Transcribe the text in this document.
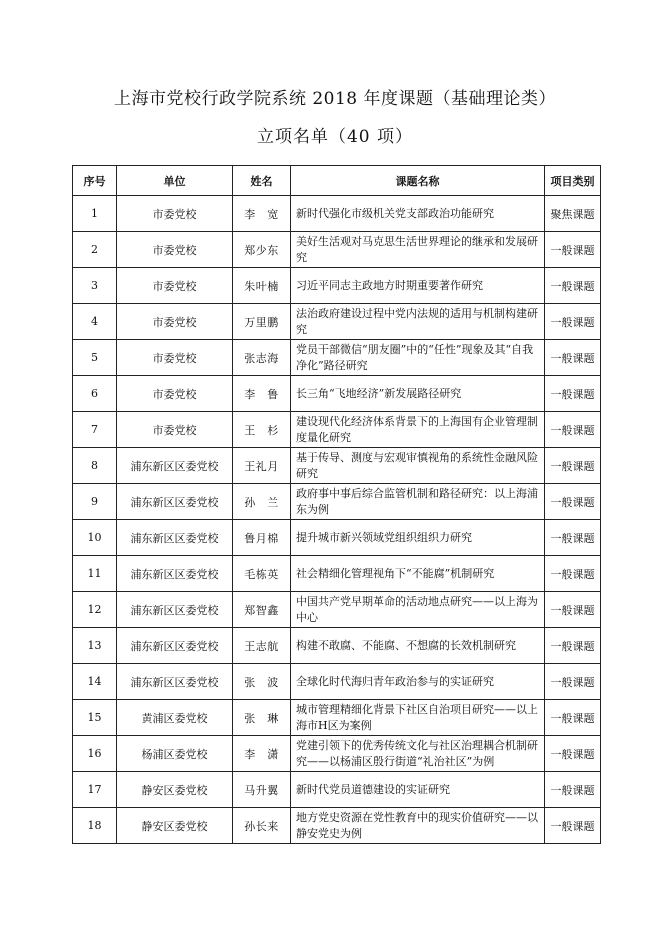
上海市党校行政学院系统 2018 年度课题（基础理论类）
立项名单（40 项）
序号	单位	姓名	课题名称	项目类别
1	市委党校	李　宽	新时代强化市级机关党支部政治功能研究	聚焦课题
2	市委党校	郑少东	美好生活观对马克思生活世界理论的继承和发展研究	一般课题
3	市委党校	朱叶楠	习近平同志主政地方时期重要著作研究	一般课题
4	市委党校	万里鹏	法治政府建设过程中党内法规的适用与机制构建研究	一般课题
5	市委党校	张志海	党员干部微信“朋友圈”中的“任性”现象及其“自我净化”路径研究	一般课题
6	市委党校	李　鲁	长三角“飞地经济”新发展路径研究	一般课题
7	市委党校	王　杉	建设现代化经济体系背景下的上海国有企业管理制度量化研究	一般课题
8	浦东新区区委党校	王礼月	基于传导、测度与宏观审慎视角的系统性金融风险研究	一般课题
9	浦东新区区委党校	孙　兰	政府事中事后综合监管机制和路径研究：以上海浦东为例	一般课题
10	浦东新区区委党校	鲁月棉	提升城市新兴领域党组织组织力研究	一般课题
11	浦东新区区委党校	毛栋英	社会精细化管理视角下“不能腐”机制研究	一般课题
12	浦东新区区委党校	郑智鑫	中国共产党早期革命的活动地点研究——以上海为中心	一般课题
13	浦东新区区委党校	王志航	构建不敢腐、不能腐、不想腐的长效机制研究	一般课题
14	浦东新区区委党校	张　波	全球化时代海归青年政治参与的实证研究	一般课题
15	黄浦区委党校	张　琳	城市管理精细化背景下社区自治项目研究——以上海市H区为案例	一般课题
16	杨浦区委党校	李　潇	党建引领下的优秀传统文化与社区治理耦合机制研究——以杨浦区殷行街道“礼治社区”为例	一般课题
17	静安区委党校	马升翼	新时代党员道德建设的实证研究	一般课题
18	静安区委党校	孙长来	地方党史资源在党性教育中的现实价值研究——以静安党史为例	一般课题
